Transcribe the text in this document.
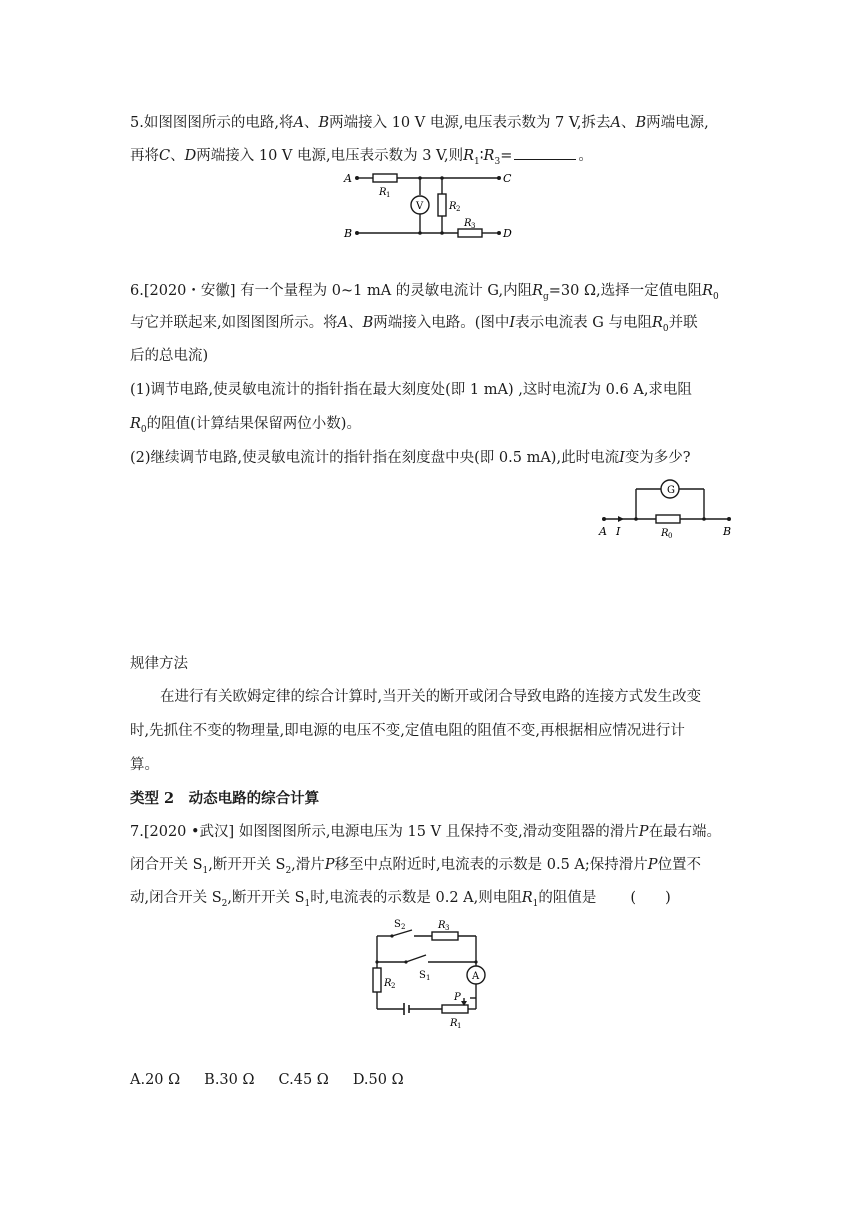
5.如图图图所示的电路,将A、B两端接入 10 V 电源,电压表示数为 7 V,拆去A、B两端电源,
再将C、D两端接入 10 V 电源,电压表示数为 3 V,则$R_1∶R_3=$	。
A
B
C
D
R 1
R 2
R 3
V
6.[2020・安徽] 有一个量程为 0~1 mA 的灵敏电流计 G,内阻$R_g=30$ Ω,选择一定值电阻$R_0$
与它并联起来,如图图图所示。将A、B两端接入电路。(图中I表示电流表 G 与电阻$R_0$并联
后的总电流)
(1)调节电路,使灵敏电流计的指针指在最大刻度处(即 1 mA) ,这时电流I为 0.6 A,求电阻
$R_0$的阻值(计算结果保留两位小数)。
(2)继续调节电路,使灵敏电流计的指针指在刻度盘中央(即 0.5 mA),此时电流I变为多少?
G
A I	R 0	B
规律方法
在进行有关欧姆定律的综合计算时,当开关的断开或闭合导致电路的连接方式发生改变
时,先抓住不变的物理量,即电源的电压不变,定值电阻的阻值不变,再根据相应情况进行计
算。
类型 2　动态电路的综合计算
7.[2020 •武汉] 如图图图所示,电源电压为 15 V 且保持不变,滑动变阻器的滑片P在最右端。
闭合开关 $S_1$,断开开关 $S_2$,滑片P移至中点附近时,电流表的示数是 0.5 A;保持滑片P位置不
动,闭合开关 $S_2$,断开开关 $S_1$时,电流表的示数是 0.2 A,则电阻$R_1$的阻值是 (　　)
S 2	R 3
S 1
R 2
A
P
R 1
A.20 Ω B.30 Ω C.45 Ω D.50 Ω
